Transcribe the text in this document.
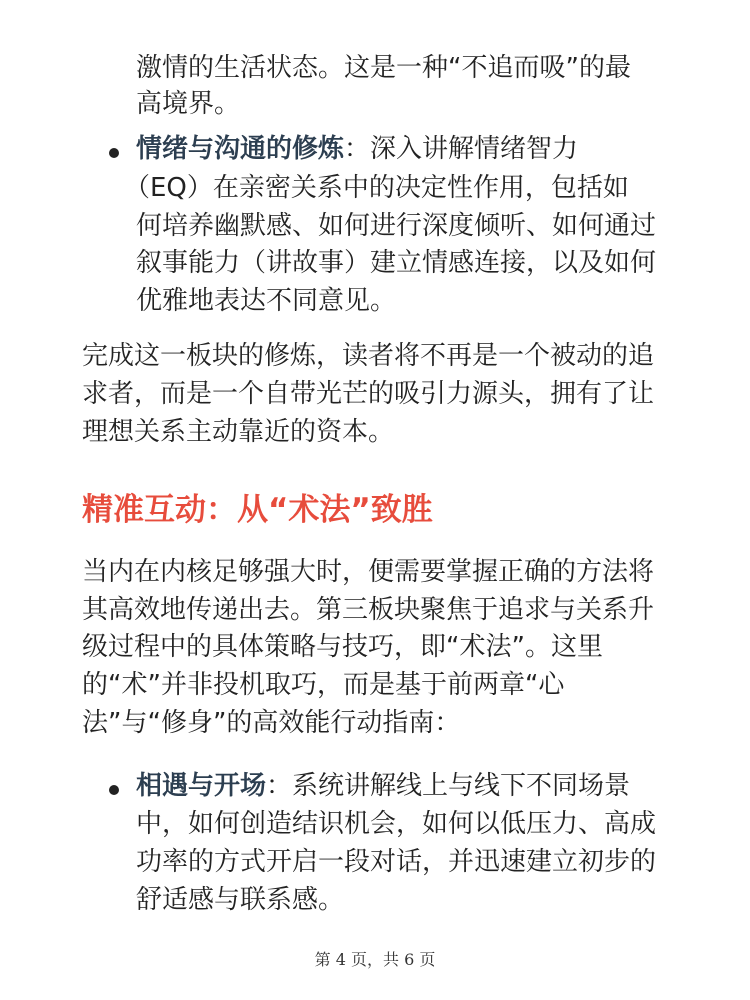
激情的生活状态。这是一种“不追而吸”的最
高境界。
情绪与沟通的修炼：深入讲解情绪智力
（EQ）在亲密关系中的决定性作用，包括如
何培养幽默感、如何进行深度倾听、如何通过
叙事能力（讲故事）建立情感连接，以及如何
优雅地表达不同意见。
完成这一板块的修炼，读者将不再是一个被动的追
求者，而是一个自带光芒的吸引力源头，拥有了让
理想关系主动靠近的资本。
精准互动：从“术法”致胜
当内在内核足够强大时，便需要掌握正确的方法将
其高效地传递出去。第三板块聚焦于追求与关系升
级过程中的具体策略与技巧，即“术法”。这里
的“术”并非投机取巧，而是基于前两章“心
法”与“修身”的高效能行动指南：
相遇与开场：系统讲解线上与线下不同场景
中，如何创造结识机会，如何以低压力、高成
功率的方式开启一段对话，并迅速建立初步的
舒适感与联系感。
第 4 页，共 6 页
